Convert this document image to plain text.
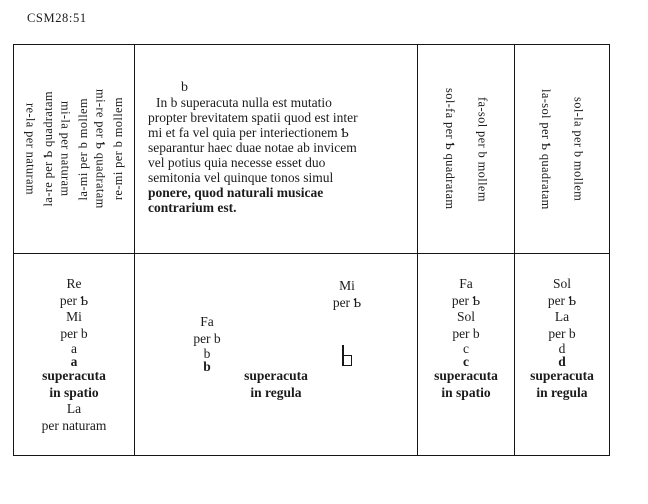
CSM28:51
re-la per naturam la-re per Ƅ quadratam mi-la per naturam la-mi per b mollem mi-re per Ƅ quadratam re-mi per b mollem
b
In b superacuta nulla est mutatio
propter brevitatem spatii quod est inter
mi et fa vel quia per interiectionem Ƅ
separantur haec duae notae ab invicem
vel potius quia necesse esset duo
semitonia vel quinque tonos simul
ponere, quod naturali musicae
contrarium est.	sol-fa per Ƅ quadratam fa-sol per b mollem	la-sol per Ƅ quadratam sol-la per b mollem
Re
per Ƅ
Mi
per b
a
a
superacuta
in spatio
La
per naturam
Mi
per Ƅ
Fa
per b
b
b
superacuta
in regula
Fa
per Ƅ
Sol
per b
c
c
superacuta
in spatio
Sol
per Ƅ
La
per b
d
d
superacuta
in regula
